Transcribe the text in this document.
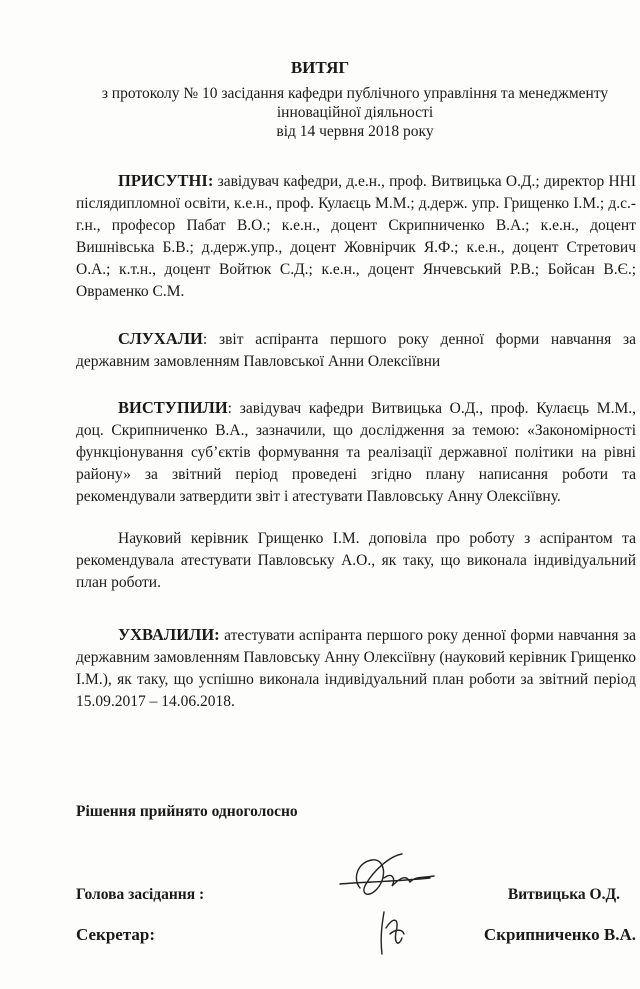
ВИТЯГ
з протоколу № 10 засідання кафедри публічного управління та менеджменту
інноваційної діяльності
від 14 червня 2018 року
ПРИСУТНІ: завідувач кафедри, д.е.н., проф. Витвицька О.Д.; директор ННІ післядипломної освіти, к.е.н., проф. Кулаєць М.М.; д.держ. упр. Грищенко І.М.; д.с.-г.н., професор Пабат В.О.; к.е.н., доцент Скрипниченко В.А.; к.е.н., доцент Вишнівська Б.В.; д.держ.упр., доцент Жовнірчик Я.Ф.; к.е.н., доцент Стретович О.А.; к.т.н., доцент Войтюк С.Д.; к.е.н., доцент Янчевський Р.В.; Бойсан В.Є.; Овраменко С.М.
СЛУХАЛИ: звіт аспіранта першого року денної форми навчання за державним замовленням Павловської Анни Олексіївни
ВИСТУПИЛИ: завідувач кафедри Витвицька О.Д., проф. Кулаєць М.М., доц. Скрипниченко В.А., зазначили, що дослідження за темою: «Закономірності функціонування суб’єктів формування та реалізації державної політики на рівні району» за звітний період проведені згідно плану написання роботи та рекомендували затвердити звіт і атестувати Павловську Анну Олексіївну.
Науковий керівник Грищенко І.М. доповіла про роботу з аспірантом та рекомендувала атестувати Павловську А.О., як таку, що виконала індивідуальний план роботи.
УХВАЛИЛИ: атестувати аспіранта першого року денної форми навчання за державним замовленням Павловську Анну Олексіївну (науковий керівник Грищенко І.М.), як таку, що успішно виконала індивідуальний план роботи за звітний період 15.09.2017 – 14.06.2018.
Рішення прийнято одноголосно
Голова засідання :	Витвицька О.Д.
Секретар:	Скрипниченко В.А.
